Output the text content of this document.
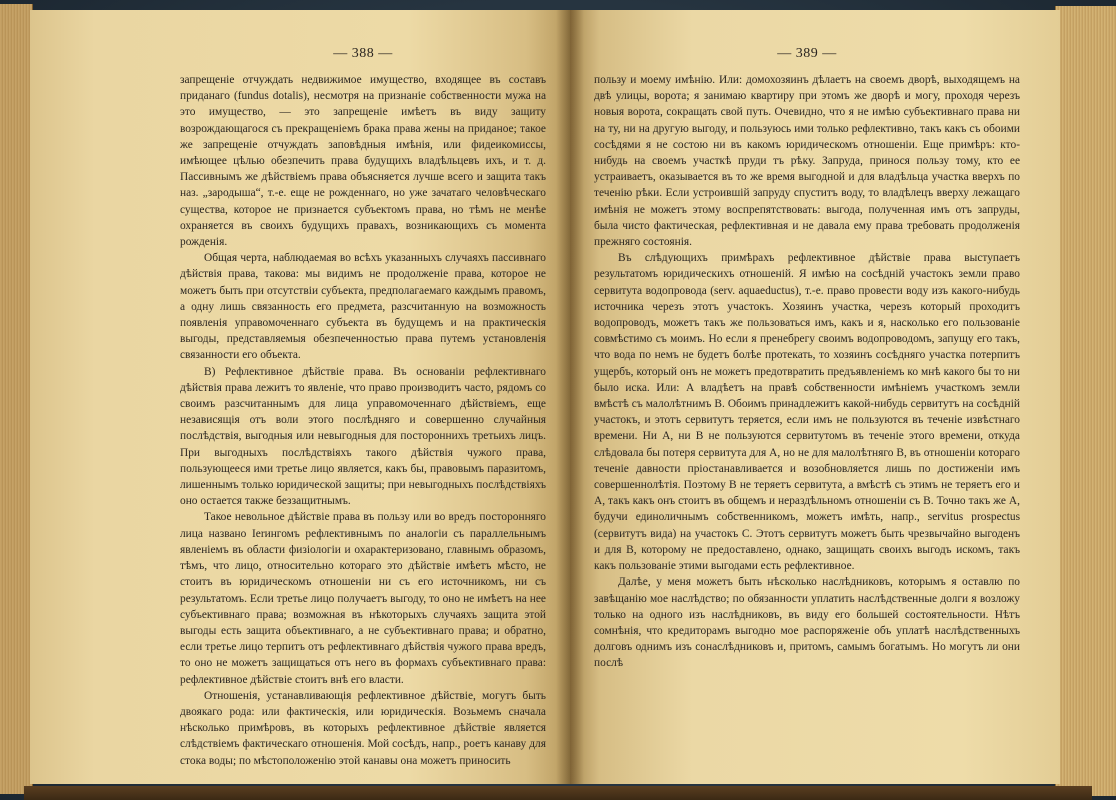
— 388 —

запрещеніе отчуждать недвижимое имущество, входящее въ составъ приданаго (fundus dotalis), несмотря на признаніе собственности мужа на это имущество, — это запрещеніе имѣетъ въ виду защиту возрождающагося съ прекращеніемъ брака права жены на приданое; такое же запрещеніе отчуждать заповѣдныя имѣнія, или фидеикомиссы, имѣющее цѣлью обезпечить права будущихъ владѣльцевъ ихъ, и т. д. Пассивнымъ же дѣйствіемъ права объясняется лучше всего и защита такъ наз. „зародыша“, т.-е. еще не рожденнаго, но уже зачатаго человѣческаго существа, которое не признается субъектомъ права, но тѣмъ не менѣе охраняется въ своихъ будущихъ правахъ, возникающихъ съ момента рожденія.

Общая черта, наблюдаемая во всѣхъ указанныхъ случаяхъ пассивнаго дѣйствія права, такова: мы видимъ не продолженіе права, которое не можетъ быть при отсутствіи субъекта, предполагаемаго каждымъ правомъ, а одну лишь связанность его предмета, разсчитанную на возможность появленія управомоченнаго субъекта въ будущемъ и на практическія выгоды, представляемыя обезпеченностью права путемъ установленія связанности его объекта.

В) Рефлективное дѣйствіе права. Въ основаніи рефлективнаго дѣйствія права лежитъ то явленіе, что право производитъ часто, рядомъ со своимъ разсчитаннымъ для лица управомоченнаго дѣйствіемъ, еще независящія отъ воли этого послѣдняго и совершенно случайныя послѣдствія, выгодныя или невыгодныя для постороннихъ третьихъ лицъ. При выгодныхъ послѣдствіяхъ такого дѣйствія чужого права, пользующееся ими третье лицо является, какъ бы, правовымъ паразитомъ, лишеннымъ только юридической защиты; при невыгодныхъ послѣдствіяхъ оно остается также беззащитнымъ.

Такое невольное дѣйствіе права въ пользу или во вредъ посторонняго лица названо Ierингомъ рефлективнымъ по аналогіи съ параллельнымъ явленіемъ въ области физіологіи и охарактеризовано, главнымъ образомъ, тѣмъ, что лицо, относительно котораго это дѣйствіе имѣетъ мѣсто, не стоитъ въ юридическомъ отношеніи ни съ его источникомъ, ни съ результатомъ. Если третье лицо получаетъ выгоду, то оно не имѣетъ на нее субъективнаго права; возможная въ нѣкоторыхъ случаяхъ защита этой выгоды есть защита объективнаго, а не субъективнаго права; и обратно, если третье лицо терпитъ отъ рефлективнаго дѣйствія чужого права вредъ, то оно не можетъ защищаться отъ него въ формахъ субъективнаго права: рефлективное дѣйствіе стоитъ внѣ его власти.

Отношенія, устанавливающія рефлективное дѣйствіе, могутъ быть двоякаго рода: или фактическія, или юридическія. Возьмемъ сначала нѣсколько примѣровъ, въ которыхъ рефлективное дѣйствіе является слѣдствіемъ фактическаго отношенія. Мой сосѣдъ, напр., роетъ канаву для стока воды; по мѣстоположенію этой канавы она можетъ приносить

— 389 —

пользу и моему имѣнію. Или: домохозяинъ дѣлаетъ на своемъ дворѣ, выходящемъ на двѣ улицы, ворота; я занимаю квартиру при этомъ же дворѣ и могу, проходя черезъ новыя ворота, сокращать свой путь. Очевидно, что я не имѣю субъективнаго права ни на ту, ни на другую выгоду, и пользуюсь ими только рефлективно, такъ какъ съ обоими сосѣдями я не состою ни въ какомъ юридическомъ отношеніи. Еще примѣръ: кто-нибудь на своемъ участкѣ пруди тъ рѣку. Запруда, принося пользу тому, кто ее устраиваетъ, оказывается въ то же время выгодной и для владѣльца участка вверхъ по теченію рѣки. Если устроившій запруду спуститъ воду, то владѣлецъ вверху лежащаго имѣнія не можетъ этому воспрепятствовать: выгода, полученная имъ отъ запруды, была чисто фактическая, рефлективная и не давала ему права требовать продолженія прежняго состоянія.

Въ слѣдующихъ примѣрахъ рефлективное дѣйствіе права выступаетъ результатомъ юридическихъ отношеній. Я имѣю на сосѣдній участокъ земли право сервитута водопровода (serv. aquaeductus), т.-е. право провести воду изъ какого-нибудь источника черезъ этотъ участокъ. Хозяинъ участка, черезъ который проходитъ водопроводъ, можетъ такъ же пользоваться имъ, какъ и я, насколько его пользованіе совмѣстимо съ моимъ. Но если я пренебрегу своимъ водопроводомъ, запущу его такъ, что вода по немъ не будетъ болѣе протекать, то хозяинъ сосѣдняго участка потерпитъ ущербъ, который онъ не можетъ предотвратить предъявленіемъ ко мнѣ какого бы то ни было иска. Или: А владѣетъ на правѣ собственности имѣніемъ участкомъ земли вмѣстѣ съ малолѣтнимъ В. Обоимъ принадлежитъ какой-нибудь сервитутъ на сосѣдній участокъ, и этотъ сервитутъ теряется, если имъ не пользуются въ теченіе извѣстнаго времени. Ни А, ни В не пользуются сервитутомъ въ теченіе этого времени, откуда слѣдовала бы потеря сервитута для А, но не для малолѣтняго В, въ отношеніи котораго теченіе давности пріостанавливается и возобновляется лишь по достиженіи имъ совершеннолѣтія. Поэтому В не теряетъ сервитута, а вмѣстѣ съ этимъ не теряетъ его и А, такъ какъ онъ стоитъ въ общемъ и нераздѣльномъ отношеніи съ В. Точно такъ же А, будучи единоличнымъ собственникомъ, можетъ имѣть, напр., servitus prospectus (сервитутъ вида) на участокъ С. Этотъ сервитутъ можетъ быть чрезвычайно выгоденъ и для В, которому не предоставлено, однако, защищать своихъ выгодъ искомъ, такъ какъ пользованіе этими выгодами есть рефлективное.

Далѣе, у меня можетъ быть нѣсколько наслѣдниковъ, которымъ я оставлю по завѣщанію мое наслѣдство; по обязанности уплатить наслѣдственные долги я возложу только на одного изъ наслѣдниковъ, въ виду его большей состоятельности. Нѣтъ сомнѣнія, что кредиторамъ выгодно мое распоряженіе объ уплатѣ наслѣдственныхъ долговъ однимъ изъ сонаслѣдниковъ и, притомъ, самымъ богатымъ. Но могутъ ли они послѣ
